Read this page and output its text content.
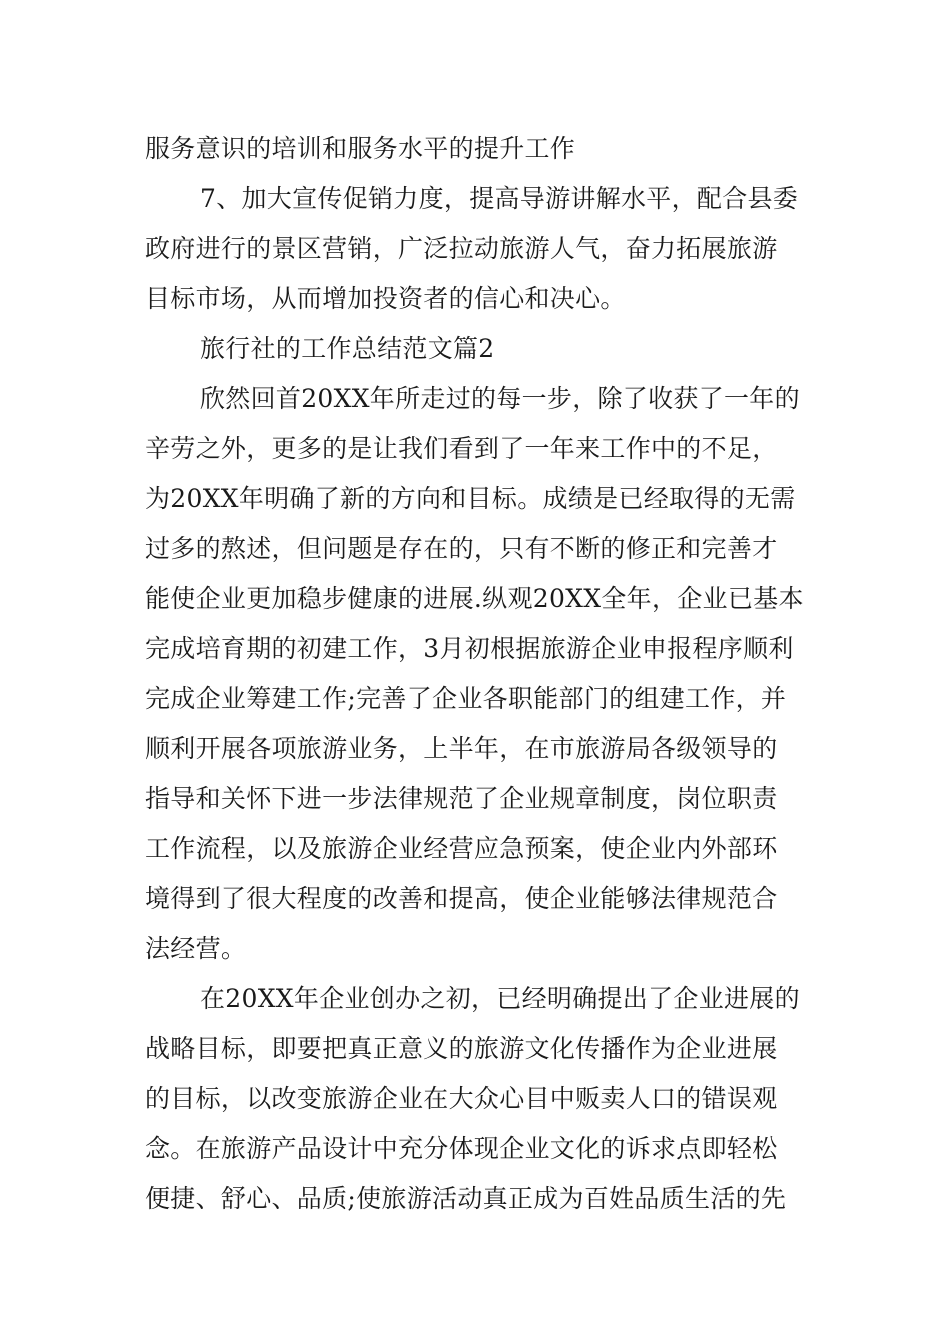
服务意识的培训和服务水平的提升工作
7、加大宣传促销力度，提高导游讲解水平，配合县委
政府进行的景区营销，广泛拉动旅游人气，奋力拓展旅游
目标市场，从而增加投资者的信心和决心。
旅行社的工作总结范文篇2
欣然回首20XX年所走过的每一步，除了收获了一年的
辛劳之外，更多的是让我们看到了一年来工作中的不足，
为20XX年明确了新的方向和目标。成绩是已经取得的无需
过多的熬述，但问题是存在的，只有不断的修正和完善才
能使企业更加稳步健康的进展.纵观20XX全年，企业已基本
完成培育期的初建工作，3月初根据旅游企业申报程序顺利
完成企业筹建工作;完善了企业各职能部门的组建工作，并
顺利开展各项旅游业务，上半年，在市旅游局各级领导的
指导和关怀下进一步法律规范了企业规章制度，岗位职责
工作流程，以及旅游企业经营应急预案，使企业内外部环
境得到了很大程度的改善和提高，使企业能够法律规范合
法经营。
在20XX年企业创办之初，已经明确提出了企业进展的
战略目标，即要把真正意义的旅游文化传播作为企业进展
的目标，以改变旅游企业在大众心目中贩卖人口的错误观
念。在旅游产品设计中充分体现企业文化的诉求点即轻松
便捷、舒心、品质;使旅游活动真正成为百姓品质生活的先
